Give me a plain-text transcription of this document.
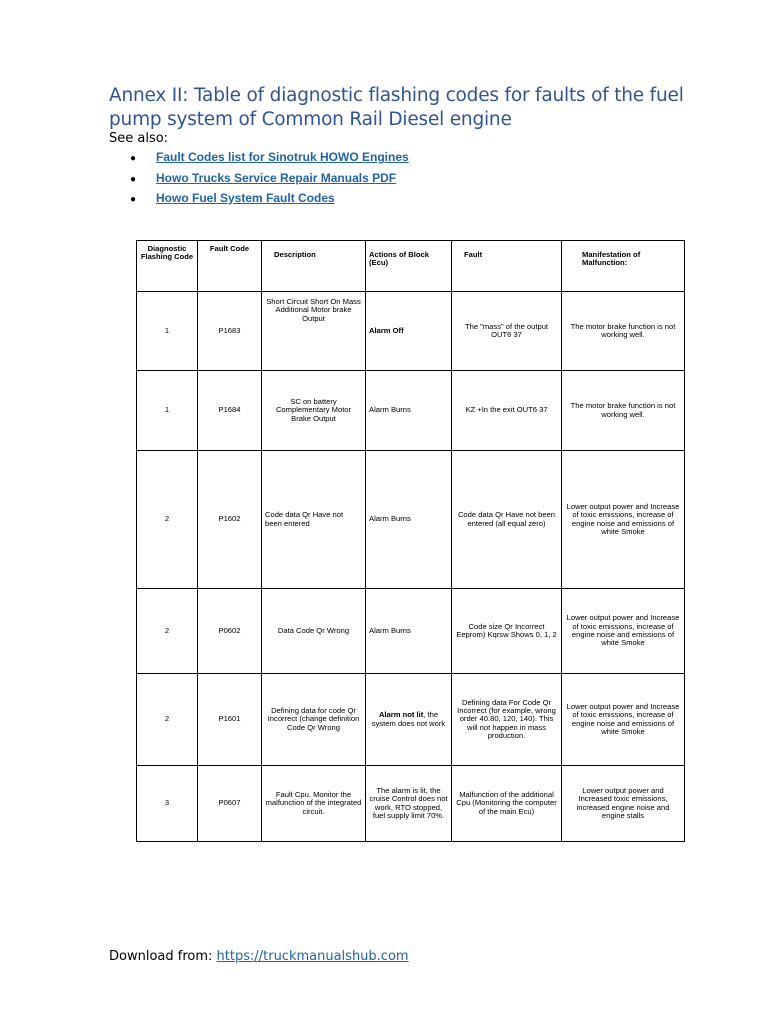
Annex II: Table of diagnostic flashing codes for faults of the fuel pump system of Common Rail Diesel engine
See also:
● Fault Codes list for Sinotruk HOWO Engines
● Howo Trucks Service Repair Manuals PDF
● Howo Fuel System Fault Codes
Diagnostic Flashing Code	Fault Code	Description	Actions of Block (Ecu)	Fault	Manifestation of Malfunction:
1	P1683	Short Circuit Short On Mass Additional Motor brake Output	Alarm Off	The "mass" of the output OUT6 37	The motor brake function is not working well.
1	P1684	SC on battery Complementary Motor Brake Output	Alarm Burns	KZ +In the exit OUT6 37	The motor brake function is not working well.
2	P1602	Code data Qr Have not been entered	Alarm Burns	Code data Qr Have not been entered (all equal zero)	Lower output power and Increase of toxic emissions, increase of engine noise and emissions of white Smoke
2	P0602	Data Code Qr Wrong	Alarm Burns	Code size Qr Incorrect Eeprom) Kqrsw Shows 0, 1, 2	Lower output power and Increase of toxic emissions, increase of engine noise and emissions of white Smoke
2	P1601	Defining data for code Qr Incorrect (change definition Code Qr Wrong	Alarm not lit, the system does not work	Defining data For Code Qr Incorrect (for example, wrong order 40.80, 120, 140). This will not happen in mass production.	Lower output power and Increase of toxic emissions, increase of engine noise and emissions of white Smoke
3	P0607	Fault Cpu. Monitor the malfunction of the integrated circuit.	The alarm is lit, the cruise Control does not work, RTO stopped, fuel supply limit 70%.	Malfunction of the additional Cpu (Monitoring the computer of the main Ecu)	Lower output power and Increased toxic emissions, increased engine noise and engine stalls
Download from: https://truckmanualshub.com
